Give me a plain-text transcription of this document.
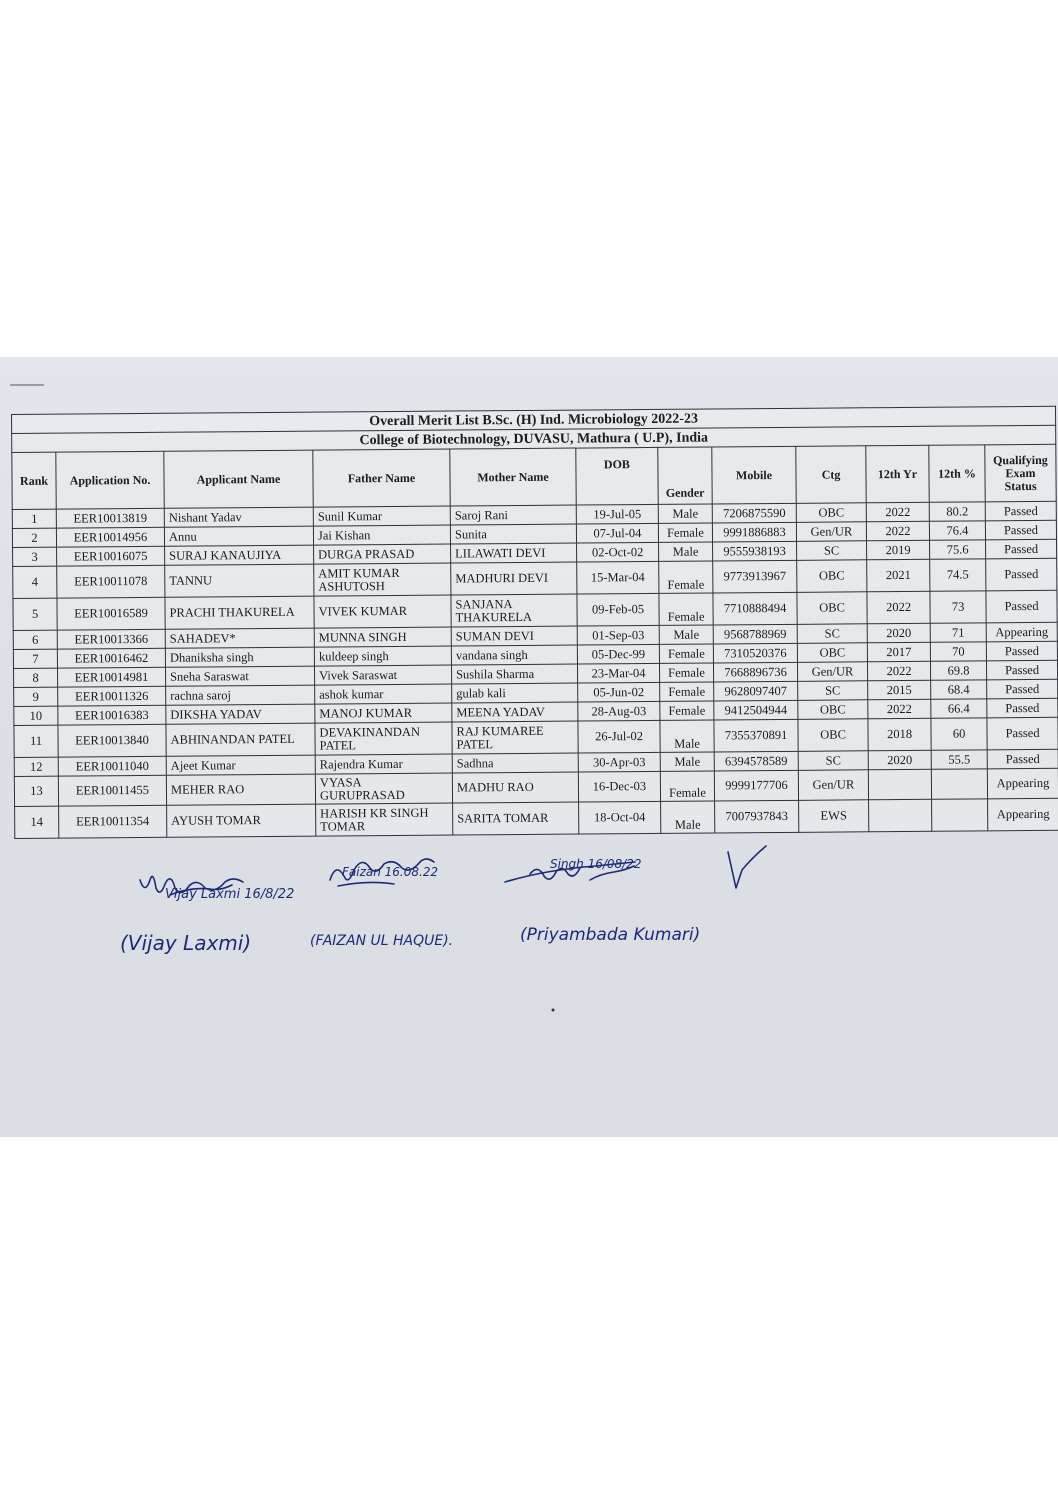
Overall Merit List B.Sc. (H) Ind. Microbiology 2022-23											
College of Biotechnology, DUVASU, Mathura ( U.P), India											
Rank	Application No.	Applicant Name	Father Name	Mother Name	DOB	Gender	Mobile	Ctg	12th Yr	12th %	Qualifying Exam Status
1	EER10013819	Nishant Yadav	Sunil Kumar	Saroj Rani	19-Jul-05	Male	7206875590	OBC	2022	80.2	Passed
2	EER10014956	Annu	Jai Kishan	Sunita	07-Jul-04	Female	9991886883	Gen/UR	2022	76.4	Passed
3	EER10016075	SURAJ KANAUJIYA	DURGA PRASAD	LILAWATI DEVI	02-Oct-02	Male	9555938193	SC	2019	75.6	Passed
4	EER10011078	TANNU	AMIT KUMAR ASHUTOSH	MADHURI DEVI	15-Mar-04	Female	9773913967	OBC	2021	74.5	Passed
5	EER10016589	PRACHI THAKURELA	VIVEK KUMAR	SANJANA THAKURELA	09-Feb-05	Female	7710888494	OBC	2022	73	Passed
6	EER10013366	SAHADEV*	MUNNA SINGH	SUMAN DEVI	01-Sep-03	Male	9568788969	SC	2020	71	Appearing
7	EER10016462	Dhaniksha singh	kuldeep singh	vandana singh	05-Dec-99	Female	7310520376	OBC	2017	70	Passed
8	EER10014981	Sneha Saraswat	Vivek Saraswat	Sushila Sharma	23-Mar-04	Female	7668896736	Gen/UR	2022	69.8	Passed
9	EER10011326	rachna saroj	ashok kumar	gulab kali	05-Jun-02	Female	9628097407	SC	2015	68.4	Passed
10	EER10016383	DIKSHA YADAV	MANOJ KUMAR	MEENA YADAV	28-Aug-03	Female	9412504944	OBC	2022	66.4	Passed
11	EER10013840	ABHINANDAN PATEL	DEVAKINANDAN PATEL	RAJ KUMAREE PATEL	26-Jul-02	Male	7355370891	OBC	2018	60	Passed
12	EER10011040	Ajeet Kumar	Rajendra Kumar	Sadhna	30-Apr-03	Male	6394578589	SC	2020	55.5	Passed
13	EER10011455	MEHER RAO	VYASA GURUPRASAD	MADHU RAO	16-Dec-03	Female	9999177706	Gen/UR			Appearing
14	EER10011354	AYUSH TOMAR	HARISH KR SINGH TOMAR	SARITA TOMAR	18-Oct-04	Male	7007937843	EWS			Appearing
Vijay Laxmi 16/8/22
Faizan 16.08.22
Singh 16/08/22
(Vijay Laxmi)	(FAIZAN UL HAQUE).	(Priyambada Kumari)
